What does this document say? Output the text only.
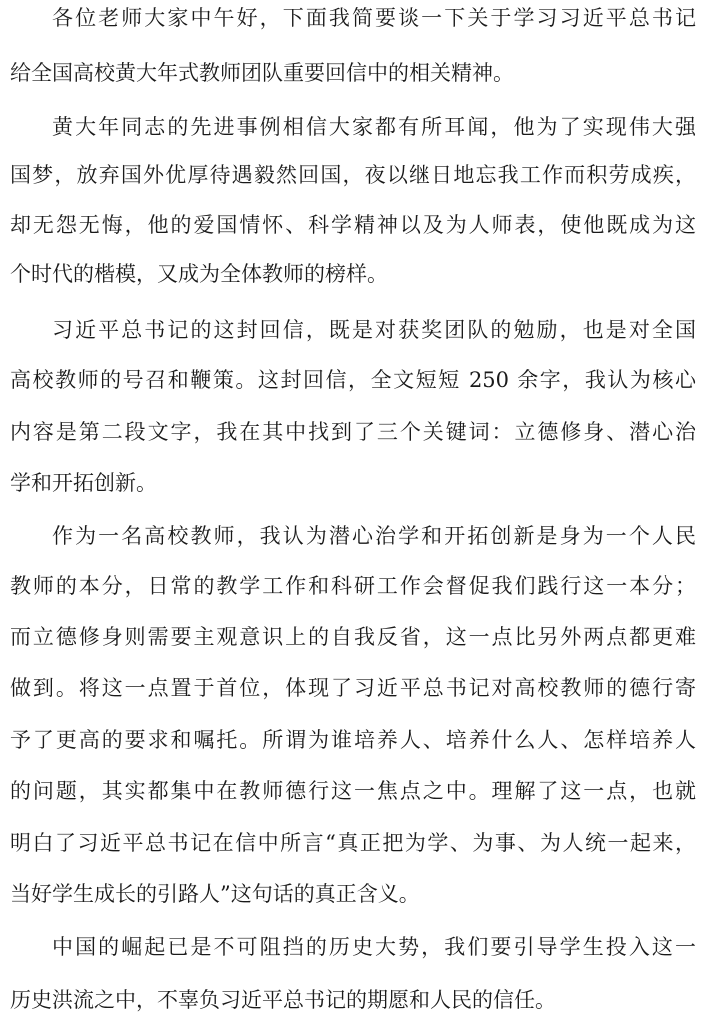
各位老师大家中午好，下面我简要谈一下关于学习习近平总书记
给全国高校黄大年式教师团队重要回信中的相关精神。
黄大年同志的先进事例相信大家都有所耳闻，他为了实现伟大强
国梦，放弃国外优厚待遇毅然回国，夜以继日地忘我工作而积劳成疾，
却无怨无悔，他的爱国情怀、科学精神以及为人师表，使他既成为这
个时代的楷模，又成为全体教师的榜样。
习近平总书记的这封回信，既是对获奖团队的勉励，也是对全国
高校教师的号召和鞭策。这封回信，全文短短 250 余字，我认为核心
内容是第二段文字，我在其中找到了三个关键词：立德修身、潜心治
学和开拓创新。
作为一名高校教师，我认为潜心治学和开拓创新是身为一个人民
教师的本分，日常的教学工作和科研工作会督促我们践行这一本分；
而立德修身则需要主观意识上的自我反省，这一点比另外两点都更难
做到。将这一点置于首位，体现了习近平总书记对高校教师的德行寄
予了更高的要求和嘱托。所谓为谁培养人、培养什么人、怎样培养人
的问题，其实都集中在教师德行这一焦点之中。理解了这一点，也就
明白了习近平总书记在信中所言“真正把为学、为事、为人统一起来，
当好学生成长的引路人”这句话的真正含义。
中国的崛起已是不可阻挡的历史大势，我们要引导学生投入这一
历史洪流之中，不辜负习近平总书记的期愿和人民的信任。
